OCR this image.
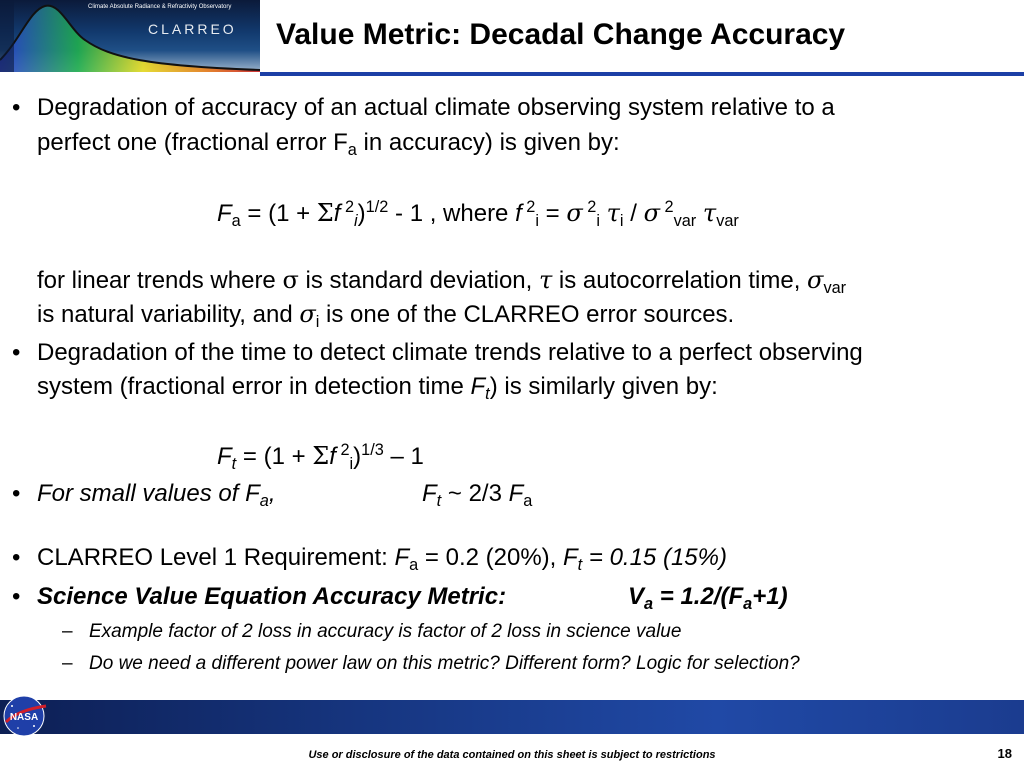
Climate Absolute Radiance & Refractivity Observatory
CLARREO Value Metric: Decadal Change Accuracy
• Degradation of accuracy of an actual climate observing system relative to a
perfect one (fractional error $F_a$ in accuracy) is given by:
$F_a = (1 + \Sigma f$ $^2_i$)$^{1/2}$ - 1 , where f $^2_i$ = σ $^2_i$ $\tau_i$ / σ $^2_{var}$ $\tau_{var}$
for linear trends where σ is standard deviation, τ is autocorrelation time, $\sigma_{var}$
is natural variability, and $\sigma_i$ is one of the CLARREO error sources.
• Degradation of the time to detect climate trends relative to a perfect observing
system (fractional error in detection time $F_t$) is similarly given by:
$F_t = (1 + \Sigma f$ $^2_i$)$^{1/3}$ – 1
• For small values of $F_a$,	$F_t$ ~ 2/3 $F_a$
• CLARREO Level 1 Requirement: $F_a = 0.2$ (20%), $F_t = 0.15$ (15%)
• Science Value Equation Accuracy Metric:	$V_a = 1.2/(F_a+1)$
– Example factor of 2 loss in accuracy is factor of 2 loss in science value
– Do we need a different power law on this metric? Different form? Logic for selection?
NASA
Use or disclosure of the data contained on this sheet is subject to restrictions	18
